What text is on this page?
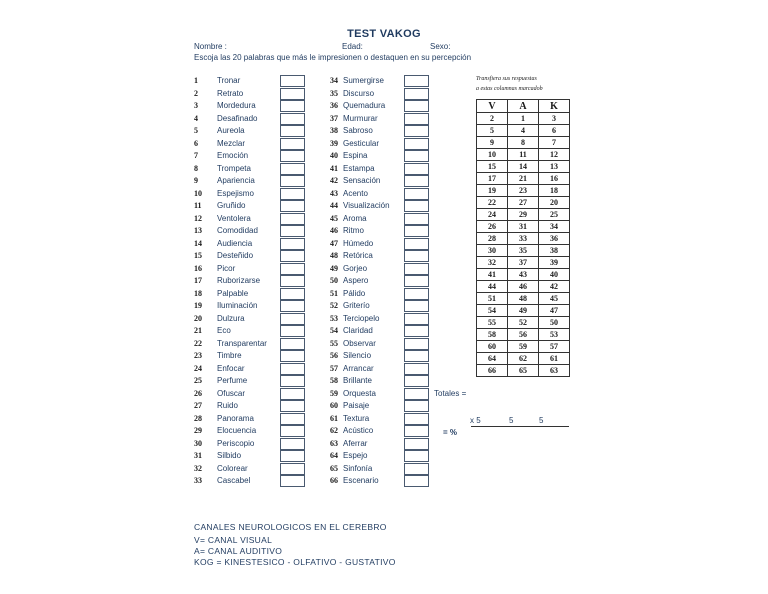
TEST VAKOG
Nombre :	Edad:	Sexo:
Escoja las 20 palabras que más le impresionen o destaquen en su percepción
1 Tronar
2 Retrato
3 Mordedura
4 Desafinado
5 Aureola
6 Mezclar
7 Emoción
8 Trompeta
9 Apariencia
10 Espejismo
11 Gruñido
12 Ventolera
13 Comodidad
14 Audiencia
15 Desteñido
16 Picor
17 Ruborizarse
18 Palpable
19 Iluminación
20 Dulzura
21 Eco
22 Transparentar
23 Timbre
24 Enfocar
25 Perfume
26 Ofuscar
27 Ruido
28 Panorama
29 Elocuencia
30 Periscopio
31 Silbido
32 Colorear
33 Cascabel
34 Sumergirse
35 Discurso
36 Quemadura
37 Murmurar
38 Sabroso
39 Gesticular
40 Espina
41 Estampa
42 Sensación
43 Acento
44 Visualización
45 Aroma
46 Ritmo
47 Húmedo
48 Retórica
49 Gorjeo
50 Aspero
51 Pálido
52 Griterío
53 Terciopelo
54 Claridad
55 Observar
56 Silencio
57 Arrancar
58 Brillante
59 Orquesta
60 Paisaje
61 Textura
62 Acústico
63 Aferrar
64 Espejo
65 Sinfonía
66 Escenario
Transfiera sus respuestas
a estas columnas marcadob
V	A	K
2	1	3
5	4	6
9	8	7
10	11	12
15	14	13
17	21	16
19	23	18
22	27	20
24	29	25
26	31	34
28	33	36
30	35	38
32	37	39
41	43	40
44	46	42
51	48	45
54	49	47
55	52	50
58	56	53
60	59	57
64	62	61
66	65	63
Totales =
x 5	5	5
= %
CANALES NEUROLOGICOS EN EL CEREBRO
V= CANAL VISUAL
A= CANAL AUDITIVO
KOG = KINESTESICO - OLFATIVO - GUSTATIVO
